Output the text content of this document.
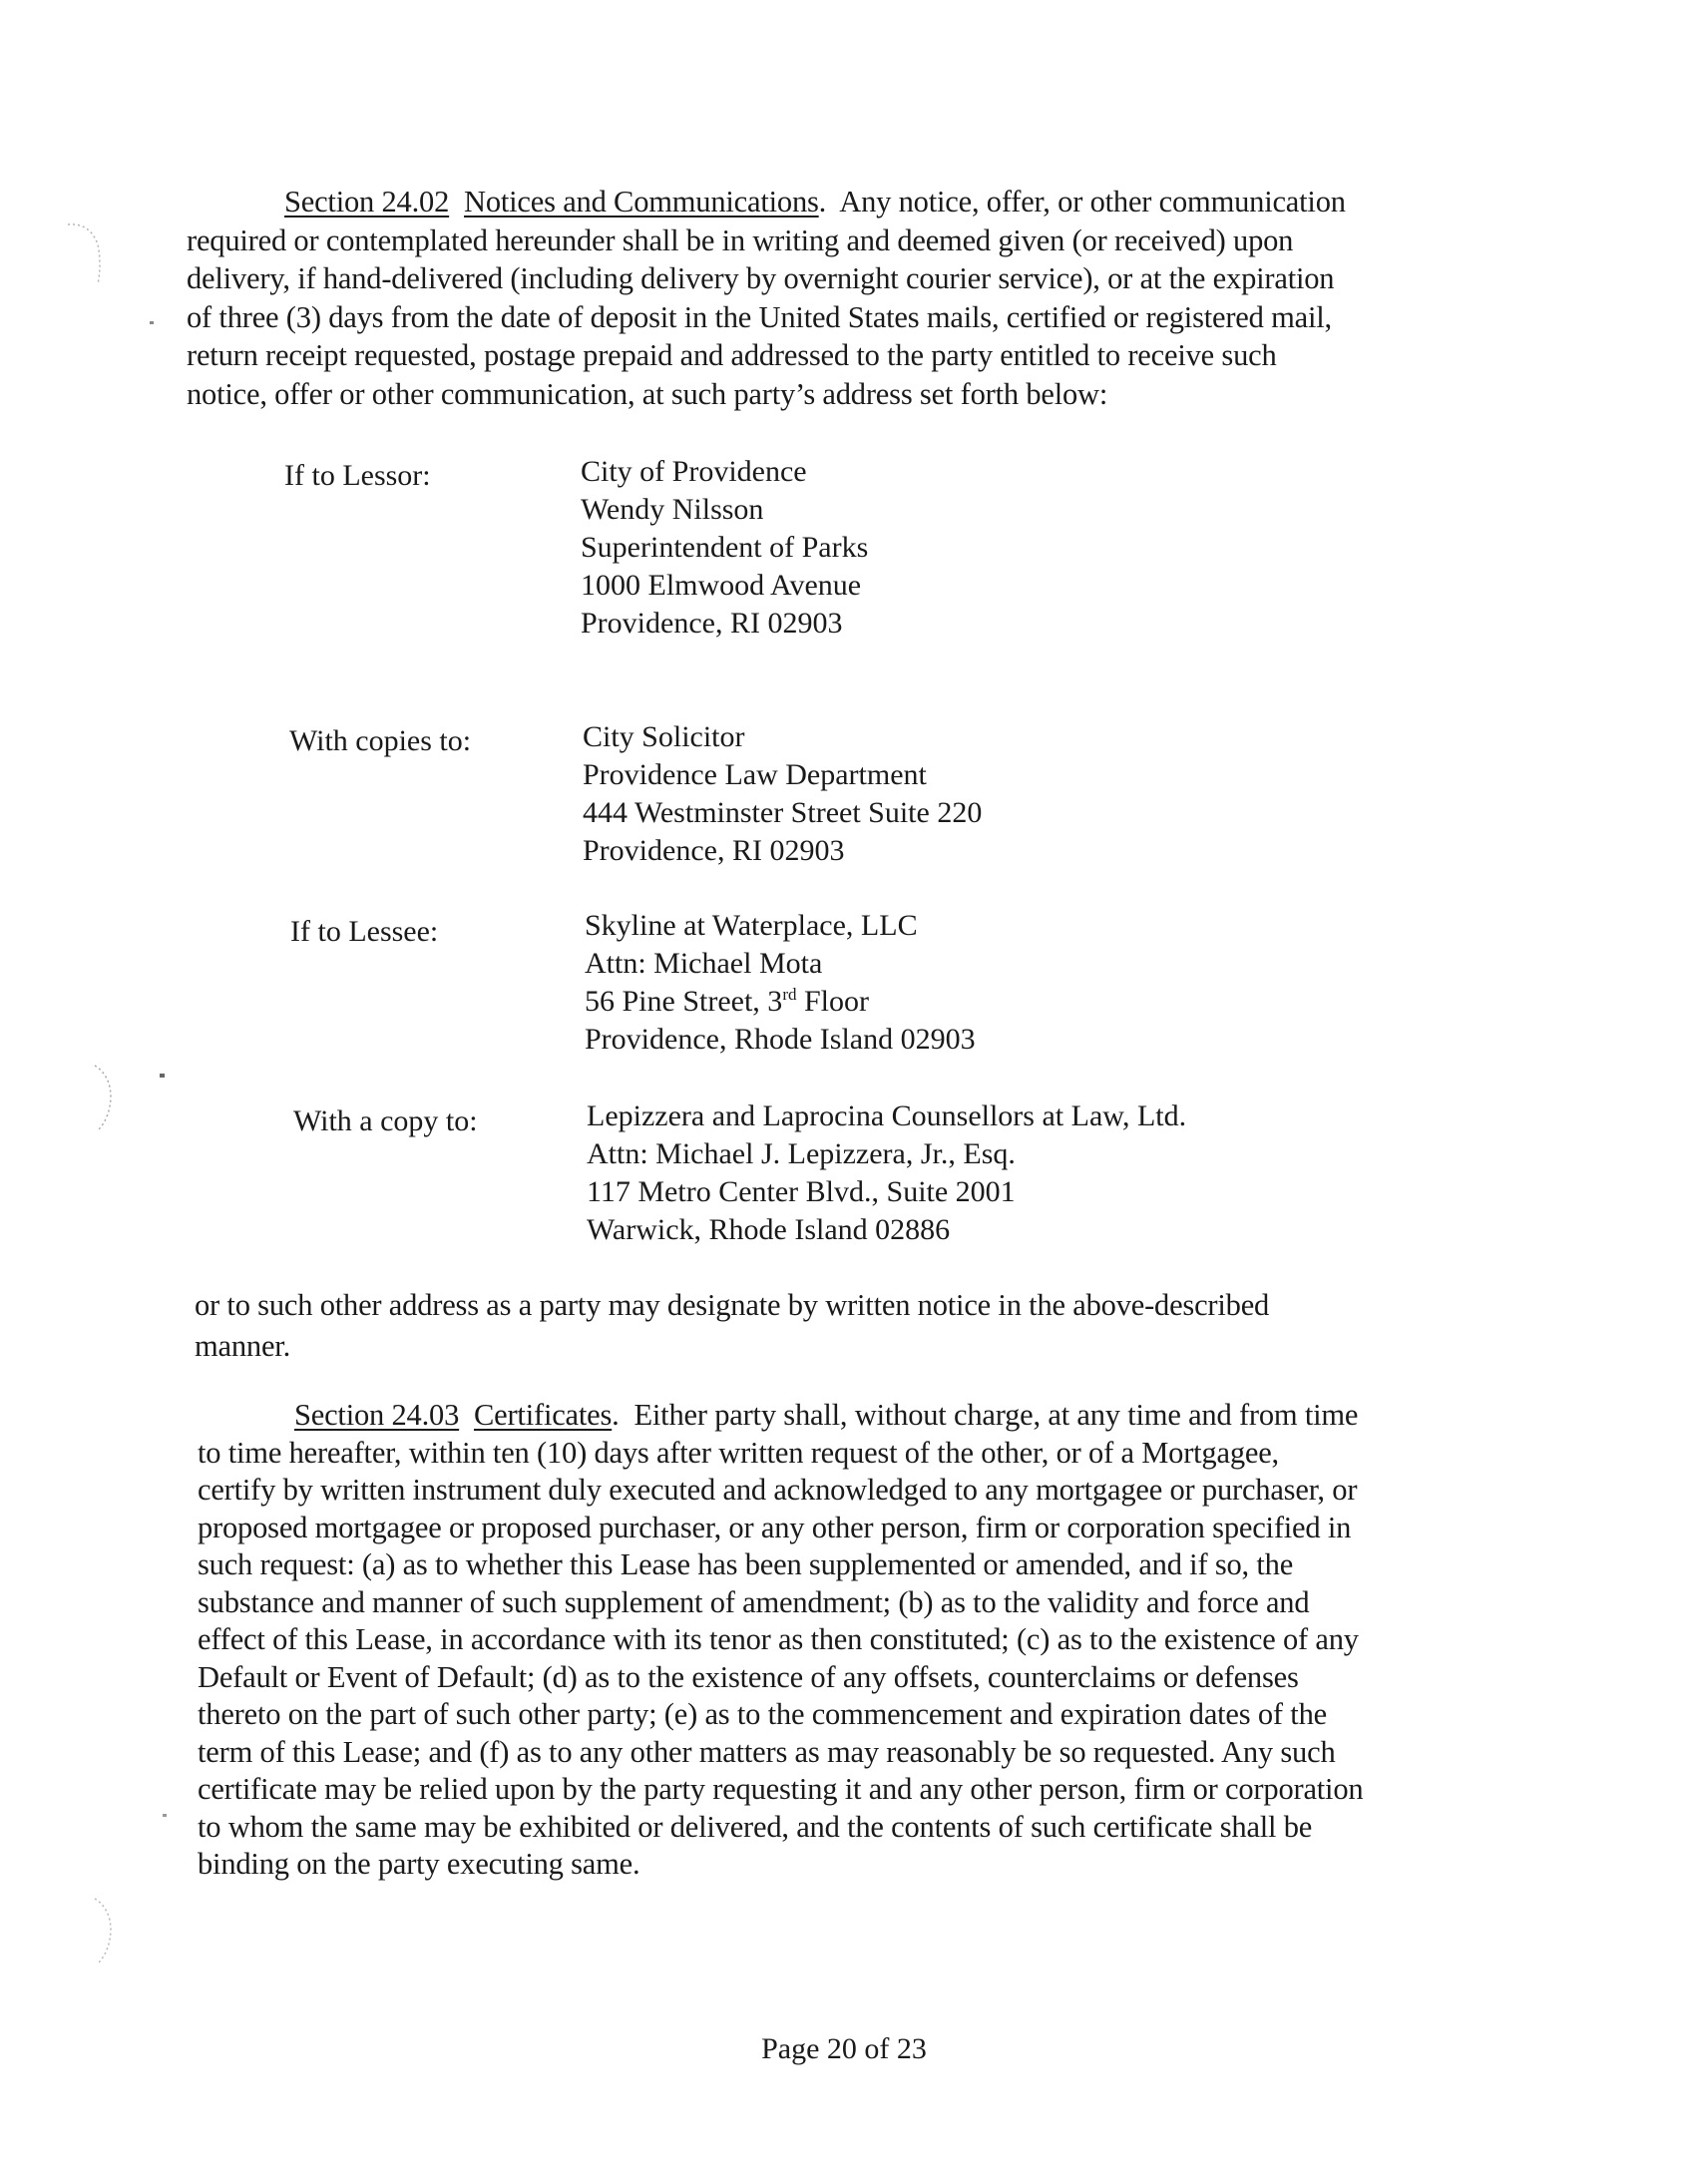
Section 24.02 Notices and Communications. Any notice, offer, or other communication
required or contemplated hereunder shall be in writing and deemed given (or received) upon
delivery, if hand-delivered (including delivery by overnight courier service), or at the expiration
of three (3) days from the date of deposit in the United States mails, certified or registered mail,
return receipt requested, postage prepaid and addressed to the party entitled to receive such
notice, offer or other communication, at such party’s address set forth below:
If to Lessor:	City of Providence
Wendy Nilsson
Superintendent of Parks
1000 Elmwood Avenue
Providence, RI 02903
With copies to:	City Solicitor
Providence Law Department
444 Westminster Street Suite 220
Providence, RI 02903
If to Lessee:	Skyline at Waterplace, LLC
Attn: Michael Mota
56 Pine Street, 3rd Floor
Providence, Rhode Island 02903
With a copy to:	Lepizzera and Laprocina Counsellors at Law, Ltd.
Attn: Michael J. Lepizzera, Jr., Esq.
117 Metro Center Blvd., Suite 2001
Warwick, Rhode Island 02886
or to such other address as a party may designate by written notice in the above-described
manner.
Section 24.03 Certificates. Either party shall, without charge, at any time and from time
to time hereafter, within ten (10) days after written request of the other, or of a Mortgagee,
certify by written instrument duly executed and acknowledged to any mortgagee or purchaser, or
proposed mortgagee or proposed purchaser, or any other person, firm or corporation specified in
such request: (a) as to whether this Lease has been supplemented or amended, and if so, the
substance and manner of such supplement of amendment; (b) as to the validity and force and
effect of this Lease, in accordance with its tenor as then constituted; (c) as to the existence of any
Default or Event of Default; (d) as to the existence of any offsets, counterclaims or defenses
thereto on the part of such other party; (e) as to the commencement and expiration dates of the
term of this Lease; and (f) as to any other matters as may reasonably be so requested. Any such
certificate may be relied upon by the party requesting it and any other person, firm or corporation
to whom the same may be exhibited or delivered, and the contents of such certificate shall be
binding on the party executing same.
Page 20 of 23
